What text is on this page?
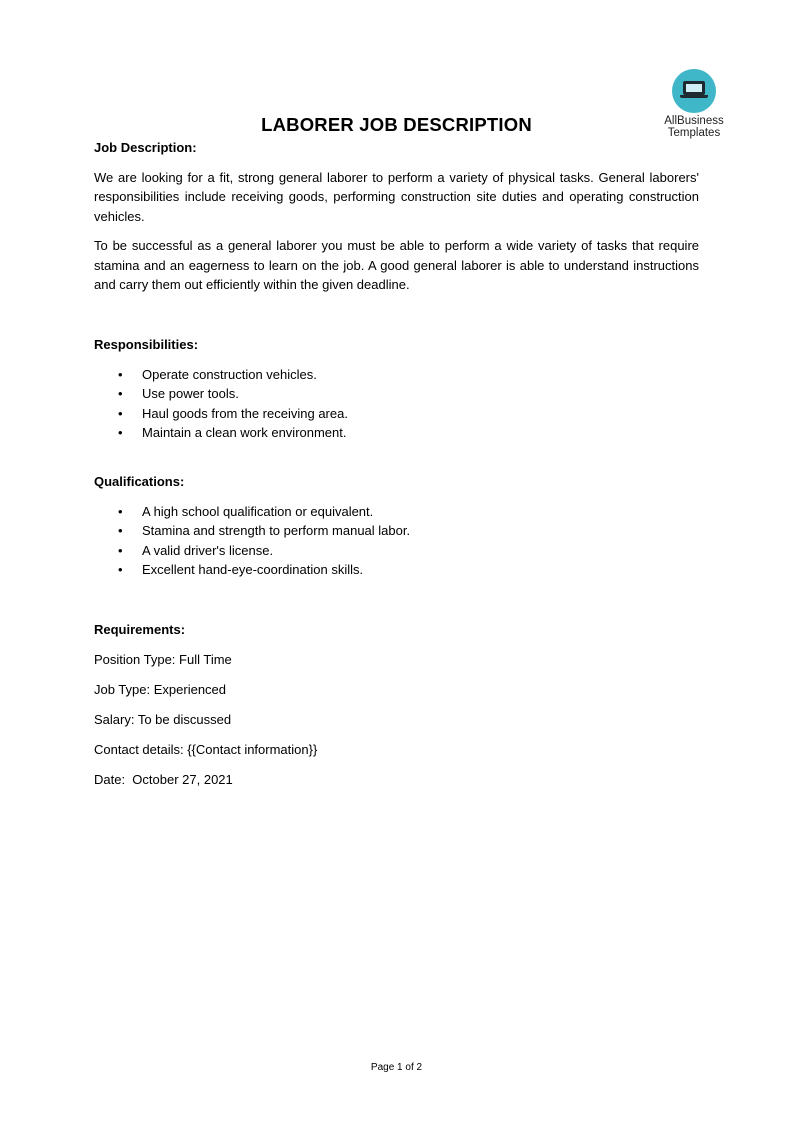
AllBusiness
Templates
LABORER JOB DESCRIPTION
Job Description:
We are looking for a fit, strong general laborer to perform a variety of physical tasks. General laborers' responsibilities include receiving goods, performing construction site duties and operating construction vehicles.
To be successful as a general laborer you must be able to perform a wide variety of tasks that require stamina and an eagerness to learn on the job. A good general laborer is able to understand instructions and carry them out efficiently within the given deadline.
Responsibilities:
• Operate construction vehicles.
• Use power tools.
• Haul goods from the receiving area.
• Maintain a clean work environment.
Qualifications:
• A high school qualification or equivalent.
• Stamina and strength to perform manual labor.
• A valid driver's license.
• Excellent hand-eye-coordination skills.
Requirements:
Position Type: Full Time
Job Type: Experienced
Salary: To be discussed
Contact details: {{Contact information}}
Date:  October 27, 2021
Page 1 of 2
